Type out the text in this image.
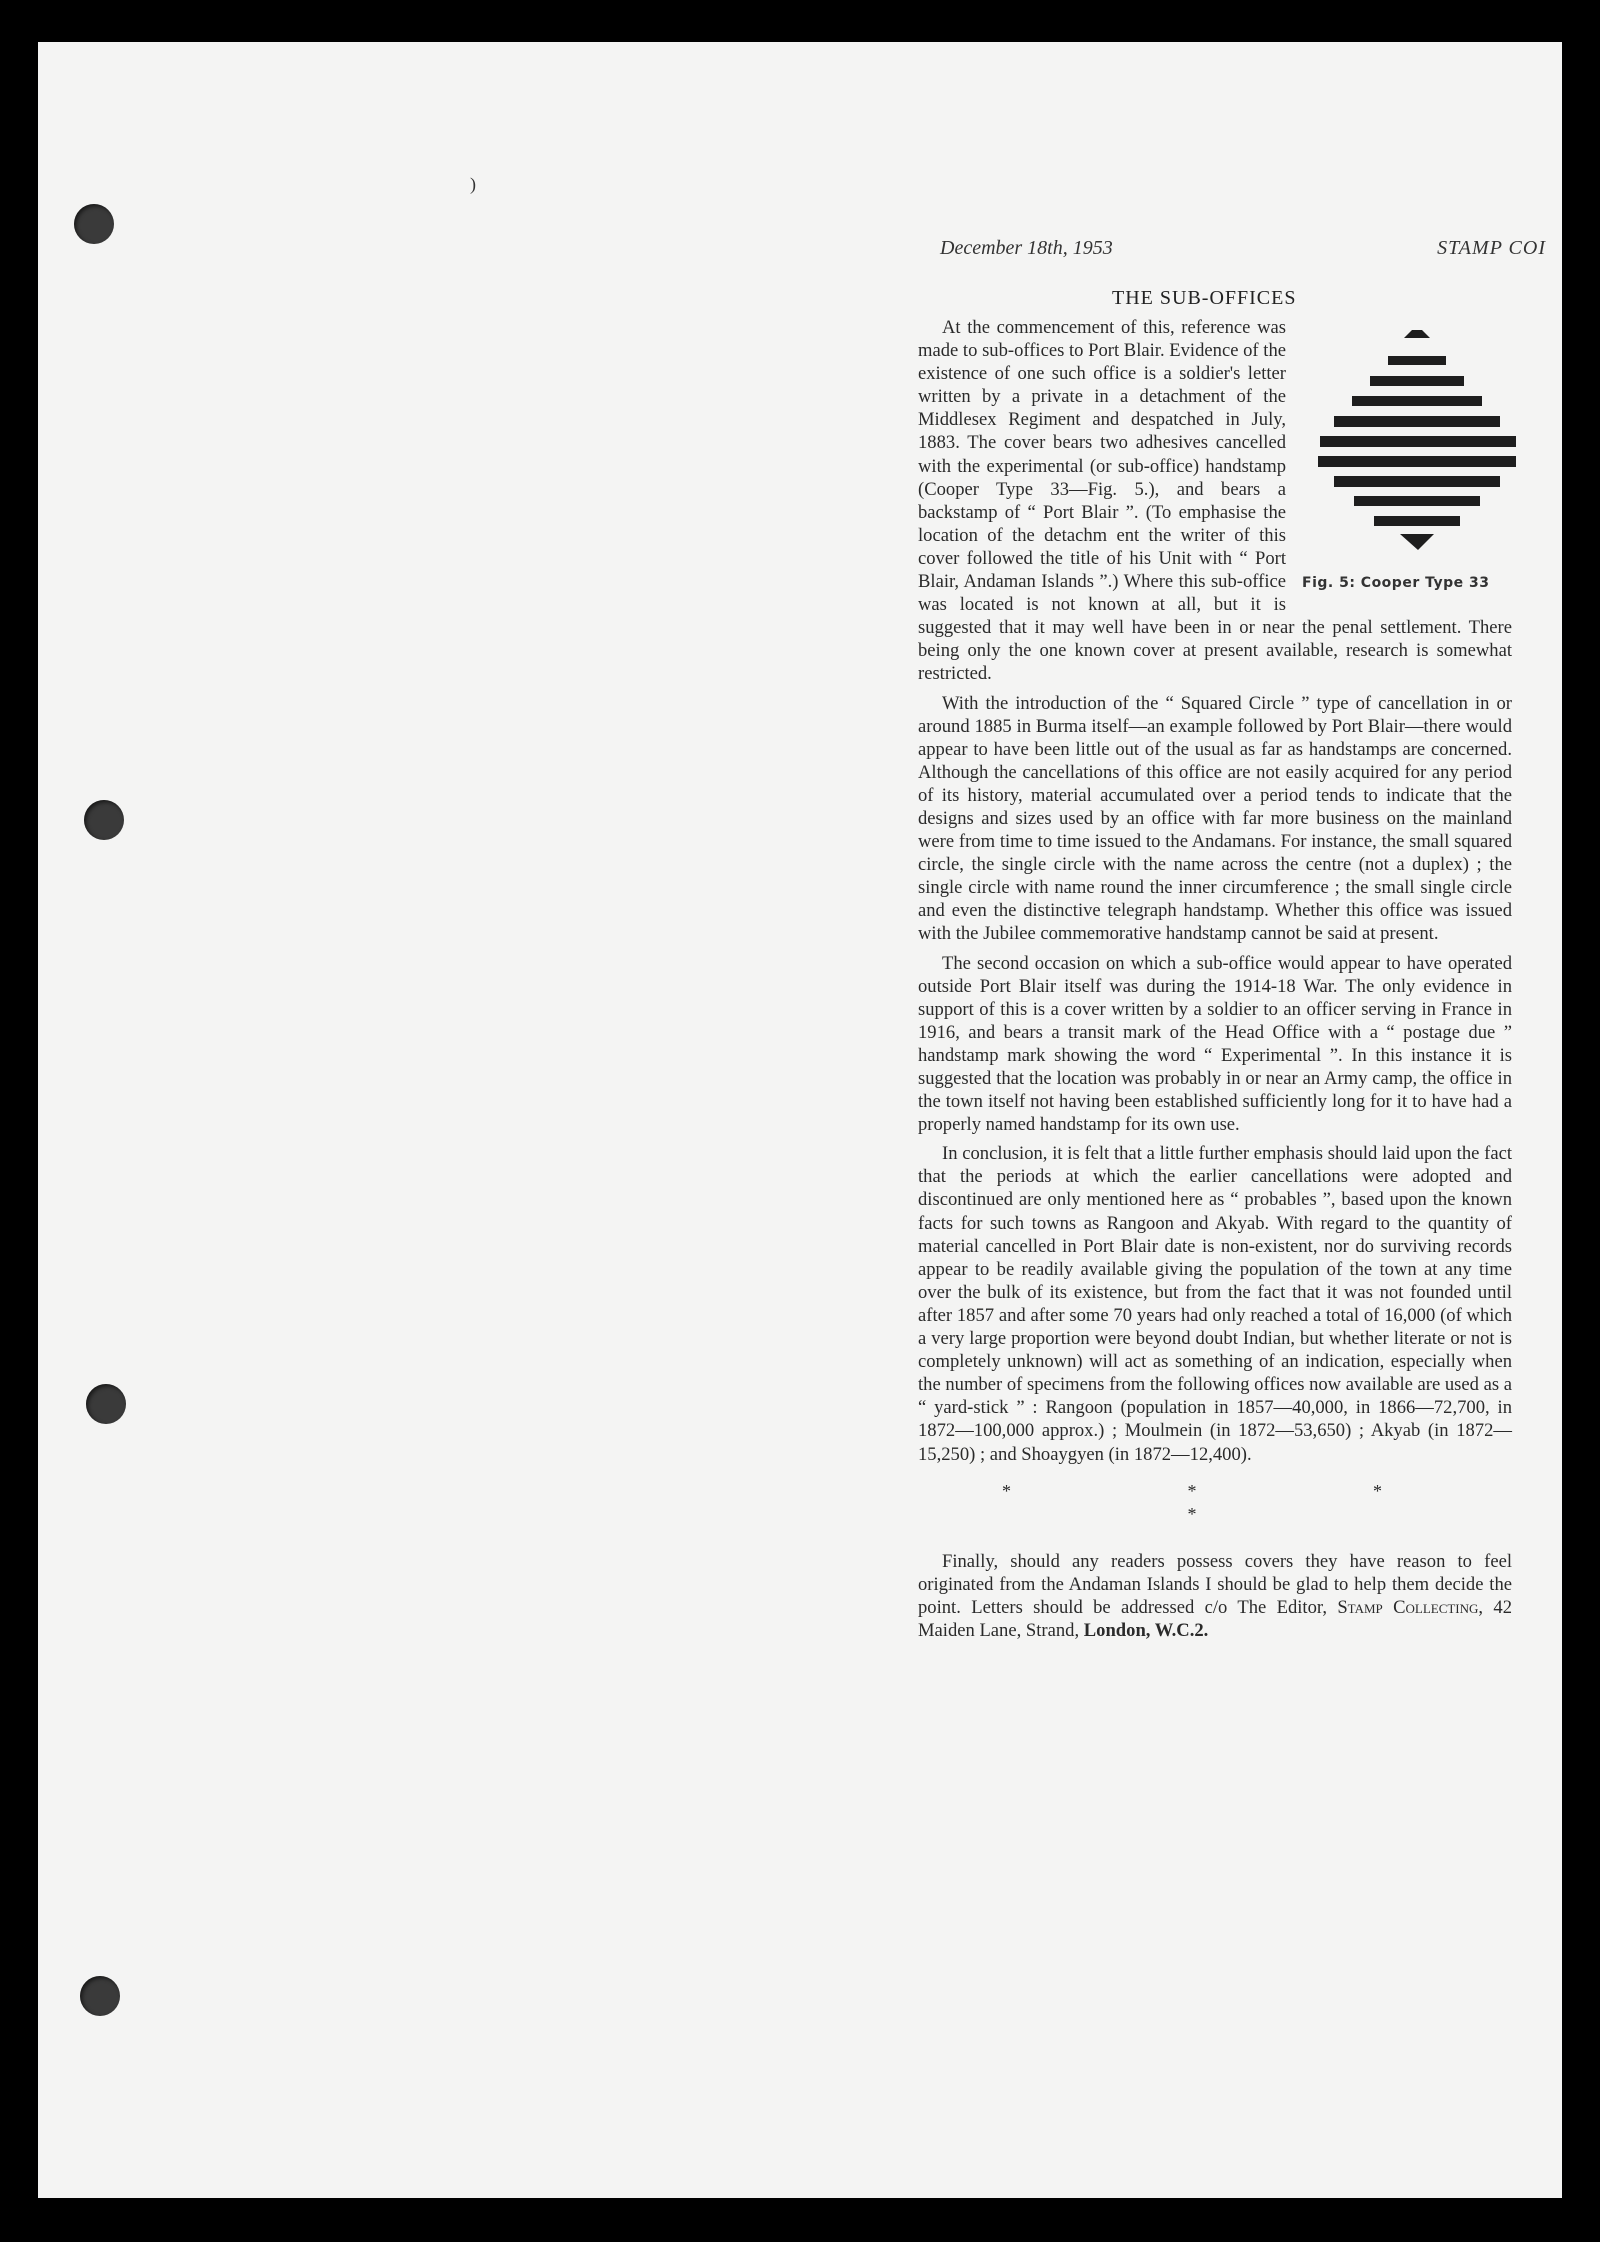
)
December 18th, 1953	STAMP COI
THE SUB-OFFICES
Fig. 5: Cooper Type 33

At the commencement of this, reference was made to sub-offices to Port Blair. Evidence of the existence of one such office is a soldier's letter written by a private in a detachment of the Middlesex Regiment and despatched in July, 1883. The cover bears two adhesives cancelled with the experimental (or sub-office) handstamp (Cooper Type 33—Fig. 5.), and bears a backstamp of “ Port Blair ”. (To emphasise the location of the detachm ent the writer of this cover followed the title of his Unit with “ Port Blair, Andaman Islands ”.) Where this sub-office was located is not known at all, but it is suggested that it may well have been in or near the penal settlement. There being only the one known cover at present available, research is somewhat restricted.

With the introduction of the “ Squared Circle ” type of cancellation in or around 1885 in Burma itself—an example followed by Port Blair—there would appear to have been little out of the usual as far as handstamps are concerned. Although the cancellations of this office are not easily acquired for any period of its history, material accumulated over a period tends to indicate that the designs and sizes used by an office with far more business on the mainland were from time to time issued to the Andamans. For instance, the small squared circle, the single circle with the name across the centre (not a duplex) ; the single circle with name round the inner circumference ; the small single circle and even the distinctive telegraph handstamp. Whether this office was issued with the Jubilee commemorative handstamp cannot be said at present.

The second occasion on which a sub-office would appear to have operated outside Port Blair itself was during the 1914-18 War. The only evidence in support of this is a cover written by a soldier to an officer serving in France in 1916, and bears a transit mark of the Head Office with a “ postage due ” handstamp mark showing the word “ Experimental ”. In this instance it is suggested that the location was probably in or near an Army camp, the office in the town itself not having been established sufficiently long for it to have had a properly named handstamp for its own use.

In conclusion, it is felt that a little further emphasis should laid upon the fact that the periods at which the earlier cancellations were adopted and discontinued are only mentioned here as “ probables ”, based upon the known facts for such towns as Rangoon and Akyab. With regard to the quantity of material cancelled in Port Blair date is non-existent, nor do surviving records appear to be readily available giving the population of the town at any time over the bulk of its existence, but from the fact that it was not founded until after 1857 and after some 70 years had only reached a total of 16,000 (of which a very large proportion were beyond doubt Indian, but whether literate or not is completely unknown) will act as something of an indication, especially when the number of specimens from the following offices now available are used as a “ yard-stick ” : Rangoon (population in 1857—40,000, in 1866—72,700, in 1872—100,000 approx.) ; Moulmein (in 1872—53,650) ; Akyab (in 1872—15,250) ; and Shoaygyen (in 1872—12,400).

* * * *

Finally, should any readers possess covers they have reason to feel originated from the Andaman Islands I should be glad to help them decide the point. Letters should be addressed c/o The Editor, Stamp Collecting, 42 Maiden Lane, Strand, London, W.C.2.
